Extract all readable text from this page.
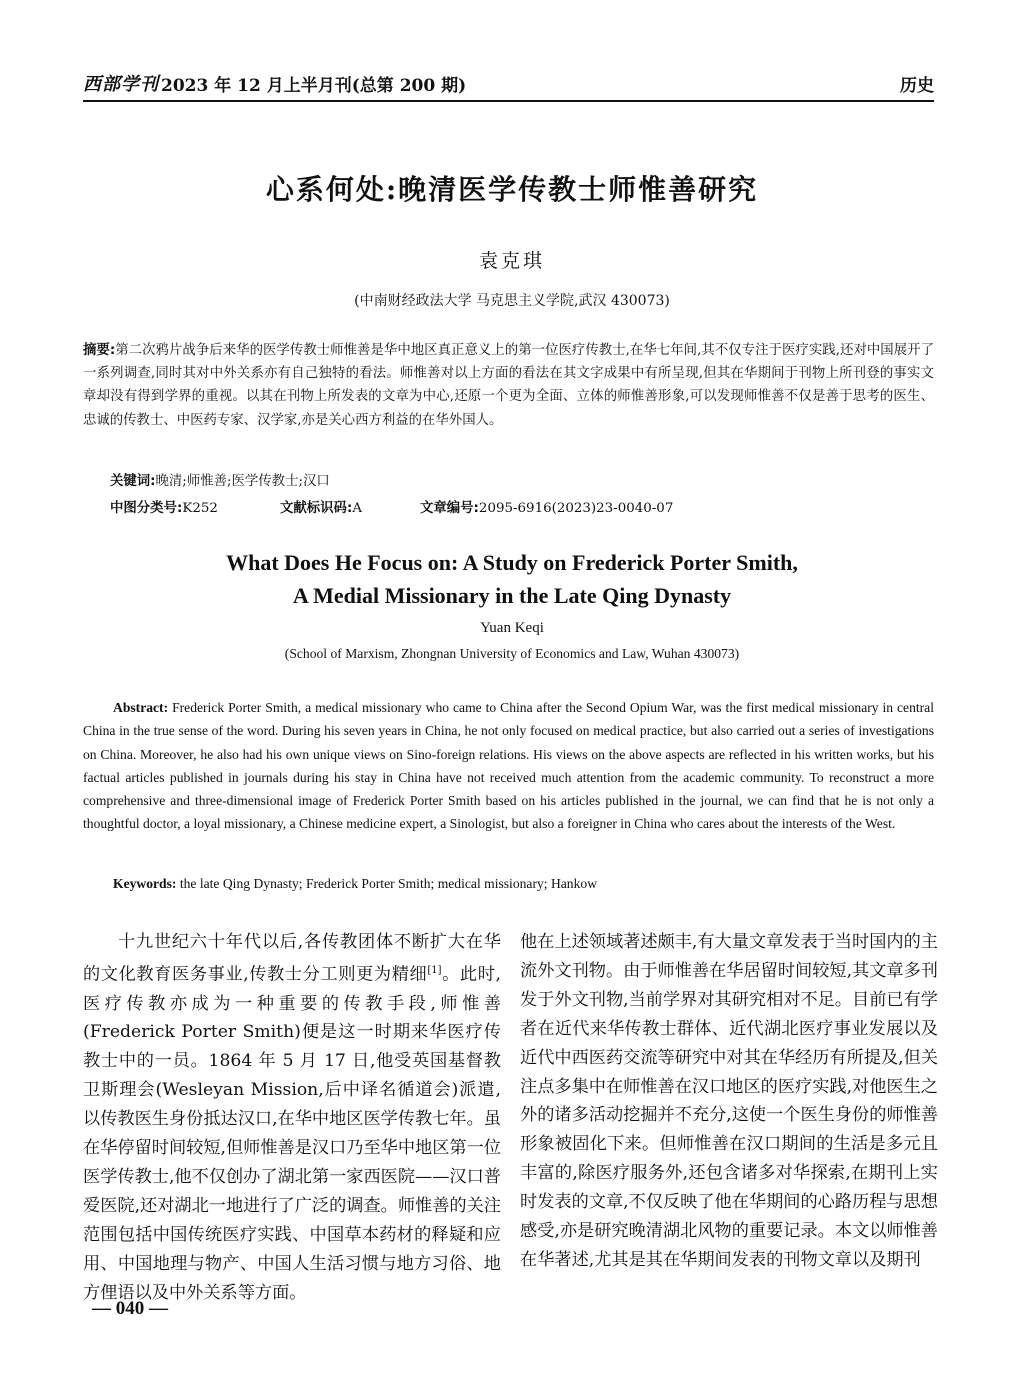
西部学刊 2023 年 12 月上半月刊(总第 200 期)	历史
心系何处:晚清医学传教士师惟善研究
袁克琪
(中南财经政法大学 马克思主义学院,武汉 430073)
摘要:第二次鸦片战争后来华的医学传教士师惟善是华中地区真正意义上的第一位医疗传教士,在华七年间,其不仅专注于医疗实践,还对中国展开了一系列调查,同时其对中外关系亦有自己独特的看法。师惟善对以上方面的看法在其文字成果中有所呈现,但其在华期间于刊物上所刊登的事实文章却没有得到学界的重视。以其在刊物上所发表的文章为中心,还原一个更为全面、立体的师惟善形象,可以发现师惟善不仅是善于思考的医生、忠诚的传教士、中医药专家、汉学家,亦是关心西方利益的在华外国人。
关键词:晚清;师惟善;医学传教士;汉口
中图分类号:K252	文献标识码:A	文章编号:2095-6916(2023)23-0040-07
What Does He Focus on: A Study on Frederick Porter Smith,
A Medial Missionary in the Late Qing Dynasty
Yuan Keqi
(School of Marxism, Zhongnan University of Economics and Law, Wuhan 430073)
Abstract: Frederick Porter Smith, a medical missionary who came to China after the Second Opium War, was the first medical missionary in central China in the true sense of the word. During his seven years in China, he not only focused on medical practice, but also carried out a series of investigations on China. Moreover, he also had his own unique views on Sino-foreign relations. His views on the above aspects are reflected in his written works, but his factual articles published in journals during his stay in China have not received much attention from the academic community. To reconstruct a more comprehensive and three-dimensional image of Frederick Porter Smith based on his articles published in the journal, we can find that he is not only a thoughtful doctor, a loyal missionary, a Chinese medicine expert, a Sinologist, but also a foreigner in China who cares about the interests of the West.
Keywords: the late Qing Dynasty; Frederick Porter Smith; medical missionary; Hankow
十九世纪六十年代以后,各传教团体不断扩大在华的文化教育医务事业,传教士分工则更为精细[1]。此时,医疗传教亦成为一种重要的传教手段,师惟善(Frederick Porter Smith)便是这一时期来华医疗传教士中的一员。1864 年 5 月 17 日,他受英国基督教卫斯理会(Wesleyan Mission,后中译名循道会)派遣,以传教医生身份抵达汉口,在华中地区医学传教七年。虽在华停留时间较短,但师惟善是汉口乃至华中地区第一位医学传教士,他不仅创办了湖北第一家西医院——汉口普爱医院,还对湖北一地进行了广泛的调查。师惟善的关注范围包括中国传统医疗实践、中国草本药材的释疑和应用、中国地理与物产、中国人生活习惯与地方习俗、地方俚语以及中外关系等方面。
他在上述领域著述颇丰,有大量文章发表于当时国内的主流外文刊物。由于师惟善在华居留时间较短,其文章多刊发于外文刊物,当前学界对其研究相对不足。目前已有学者在近代来华传教士群体、近代湖北医疗事业发展以及近代中西医药交流等研究中对其在华经历有所提及,但关注点多集中在师惟善在汉口地区的医疗实践,对他医生之外的诸多活动挖掘并不充分,这使一个医生身份的师惟善形象被固化下来。但师惟善在汉口期间的生活是多元且丰富的,除医疗服务外,还包含诸多对华探索,在期刊上实时发表的文章,不仅反映了他在华期间的心路历程与思想感受,亦是研究晚清湖北风物的重要记录。本文以师惟善在华著述,尤其是其在华期间发表的刊物文章以及期刊
— 040 —
